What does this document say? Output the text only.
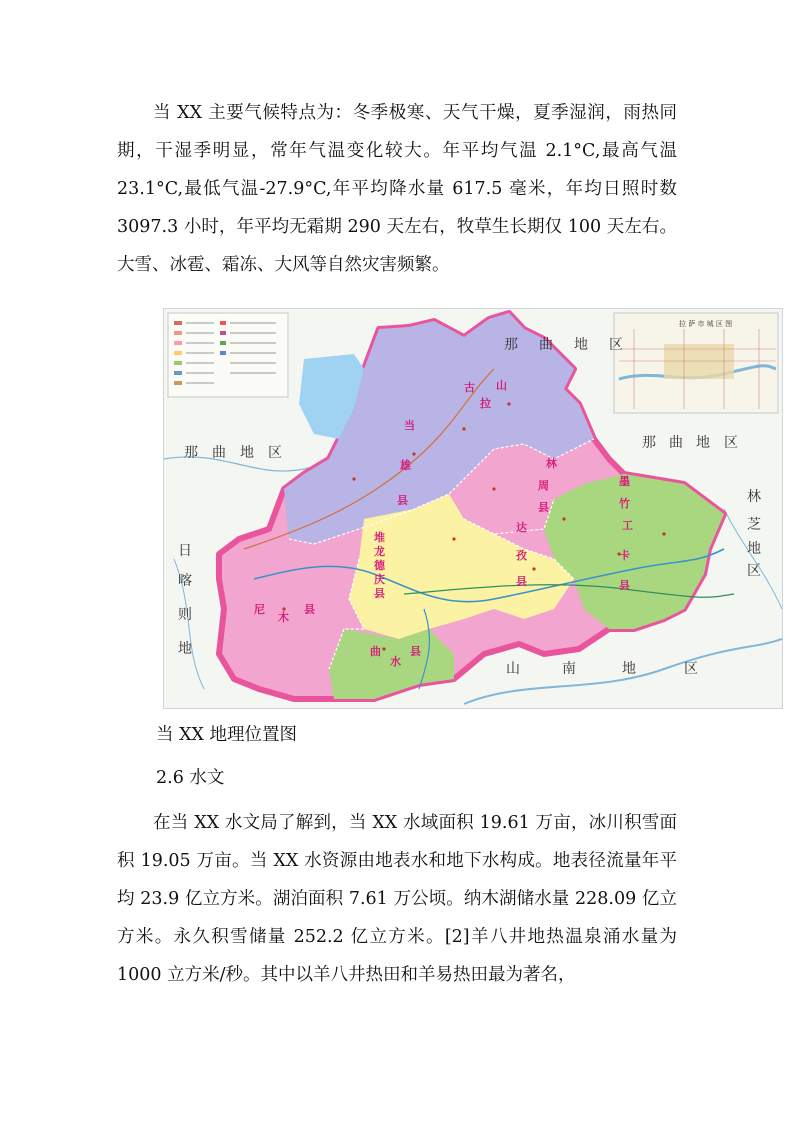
当 XX 主要气候特点为：冬季极寒、天气干燥，夏季湿润，雨热同期，干湿季明显，常年气温变化较大。年平均气温 2.1°C,最高气温 23.1°C,最低气温-27.9°C,年平均降水量 617.5 毫米，年均日照时数 3097.3 小时，年平均无霜期 290 天左右，牧草生长期仅 100 天左右。大雪、冰雹、霜冻、大风等自然灾害频繁。

拉 萨 市 城 区 图
那 曲 地 区
那 曲 地 区
那 曲 地 区
日
喀
则
地
林
芝
地
区
山	南	地	区
古
拉
山
当
雄
县
林
周
县
堆
龙
德
庆
县
达
孜
县
墨
竹
工
卡
县
尼
木
县
曲
水
县
当 XX 地理位置图
2.6 水文

在当 XX 水文局了解到，当 XX 水域面积 19.61 万亩，冰川积雪面积 19.05 万亩。当 XX 水资源由地表水和地下水构成。地表径流量年平均 23.9 亿立方米。湖泊面积 7.61 万公顷。纳木湖储水量 228.09 亿立方米。永久积雪储量 252.2 亿立方米。[2]羊八井地热温泉涌水量为 1000 立方米/秒。其中以羊八井热田和羊易热田最为著名，
